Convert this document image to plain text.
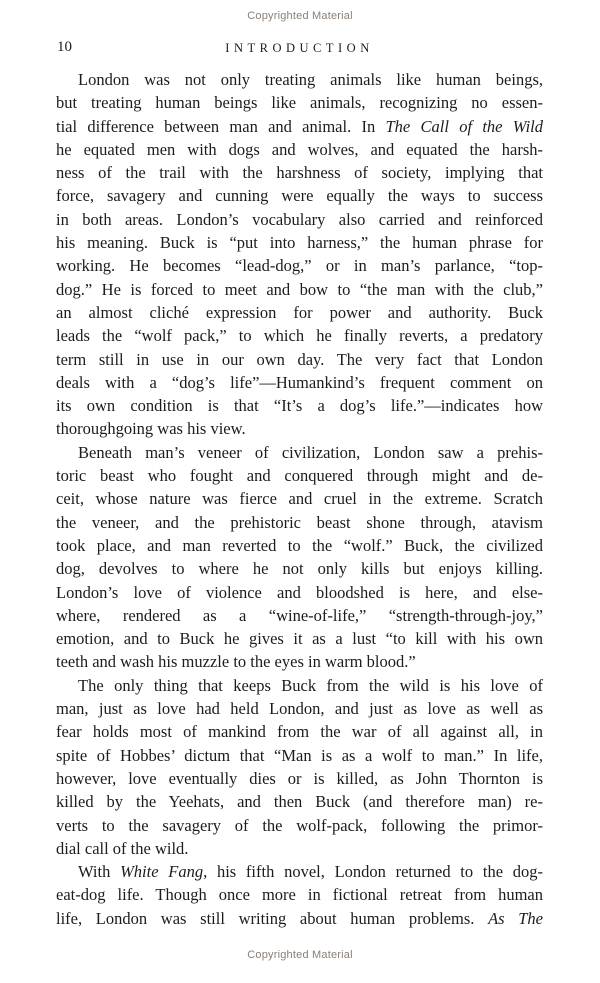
Copyrighted Material
10	INTRODUCTION
London was not only treating animals like human beings,
but treating human beings like animals, recognizing no essen-
tial difference between man and animal. In The Call of the Wild
he equated men with dogs and wolves, and equated the harsh-
ness of the trail with the harshness of society, implying that
force, savagery and cunning were equally the ways to success
in both areas. London’s vocabulary also carried and reinforced
his meaning. Buck is “put into harness,” the human phrase for
working. He becomes “lead-dog,” or in man’s parlance, “top-
dog.” He is forced to meet and bow to “the man with the club,”
an almost cliché expression for power and authority. Buck
leads the “wolf pack,” to which he finally reverts, a predatory
term still in use in our own day. The very fact that London
deals with a “dog’s life”—Humankind’s frequent comment on
its own condition is that “It’s a dog’s life.”—indicates how
thoroughgoing was his view.
Beneath man’s veneer of civilization, London saw a prehis-
toric beast who fought and conquered through might and de-
ceit, whose nature was fierce and cruel in the extreme. Scratch
the veneer, and the prehistoric beast shone through, atavism
took place, and man reverted to the “wolf.” Buck, the civilized
dog, devolves to where he not only kills but enjoys killing.
London’s love of violence and bloodshed is here, and else-
where, rendered as a “wine-of-life,” “strength-through-joy,”
emotion, and to Buck he gives it as a lust “to kill with his own
teeth and wash his muzzle to the eyes in warm blood.”
The only thing that keeps Buck from the wild is his love of
man, just as love had held London, and just as love as well as
fear holds most of mankind from the war of all against all, in
spite of Hobbes’ dictum that “Man is as a wolf to man.” In life,
however, love eventually dies or is killed, as John Thornton is
killed by the Yeehats, and then Buck (and therefore man) re-
verts to the savagery of the wolf-pack, following the primor-
dial call of the wild.
With White Fang, his fifth novel, London returned to the dog-
eat-dog life. Though once more in fictional retreat from human
life, London was still writing about human problems. As The
Copyrighted Material
